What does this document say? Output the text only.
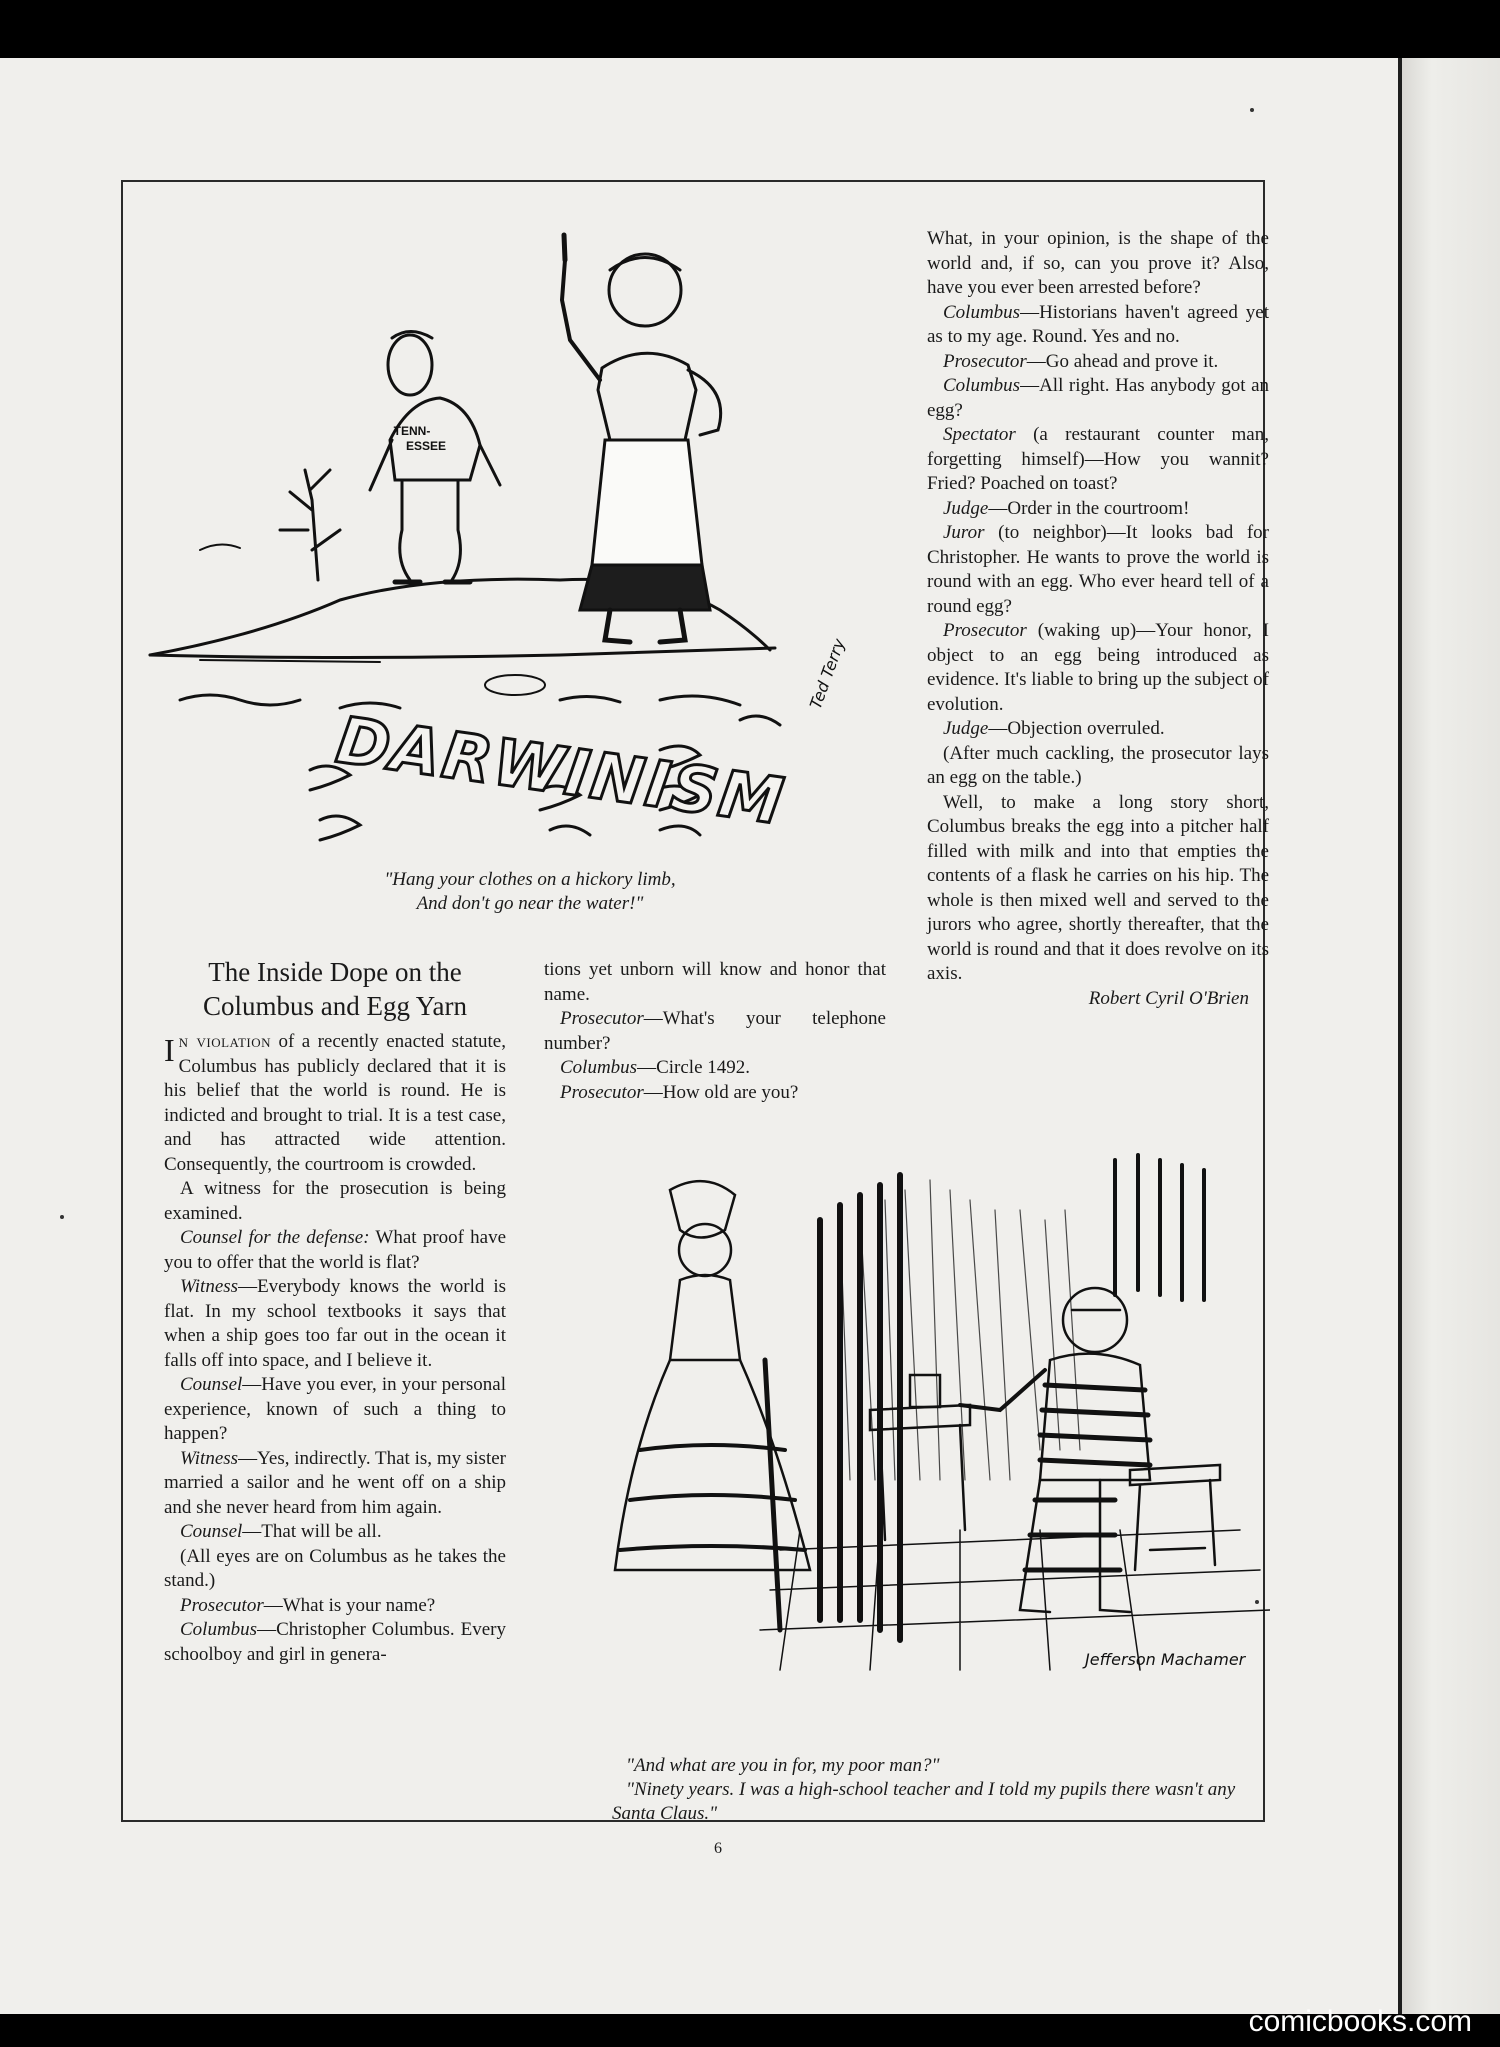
TENN-
ESSEE
DARWINISM
Ted Terry
"Hang your clothes on a hickory limb,
And don't go near the water!"
The Inside Dope on the Columbus and Egg Yarn

In violation of a recently enacted statute, Columbus has publicly declared that it is his belief that the world is round. He is indicted and brought to trial. It is a test case, and has attracted wide attention. Consequently, the courtroom is crowded.

A witness for the prosecution is being examined.

Counsel for the defense: What proof have you to offer that the world is flat?

Witness—Everybody knows the world is flat. In my school textbooks it says that when a ship goes too far out in the ocean it falls off into space, and I believe it.

Counsel—Have you ever, in your personal experience, known of such a thing to happen?

Witness—Yes, indirectly. That is, my sister married a sailor and he went off on a ship and she never heard from him again.

Counsel—That will be all.

(All eyes are on Columbus as he takes the stand.)

Prosecutor—What is your name?

Columbus—Christopher Columbus. Every schoolboy and girl in genera-

tions yet unborn will know and honor that name.

Prosecutor—What's your telephone number?

Columbus—Circle 1492.

Prosecutor—How old are you?

What, in your opinion, is the shape of the world and, if so, can you prove it? Also, have you ever been arrested before?

Columbus—Historians haven't agreed yet as to my age. Round. Yes and no.

Prosecutor—Go ahead and prove it.

Columbus—All right. Has anybody got an egg?

Spectator (a restaurant counter man, forgetting himself)—How you wannit? Fried? Poached on toast?

Judge—Order in the courtroom!

Juror (to neighbor)—It looks bad for Christopher. He wants to prove the world is round with an egg. Who ever heard tell of a round egg?

Prosecutor (waking up)—Your honor, I object to an egg being introduced as evidence. It's liable to bring up the subject of evolution.

Judge—Objection overruled.

(After much cackling, the prosecutor lays an egg on the table.)

Well, to make a long story short, Columbus breaks the egg into a pitcher half filled with milk and into that empties the contents of a flask he carries on his hip. The whole is then mixed well and served to the jurors who agree, shortly thereafter, that the world is round and that it does revolve on its axis.

Robert Cyril O'Brien

Jefferson Machamer

"And what are you in for, my poor man?"

"Ninety years. I was a high-school teacher and I told my pupils there wasn't any Santa Claus."

6
comicbooks.com
